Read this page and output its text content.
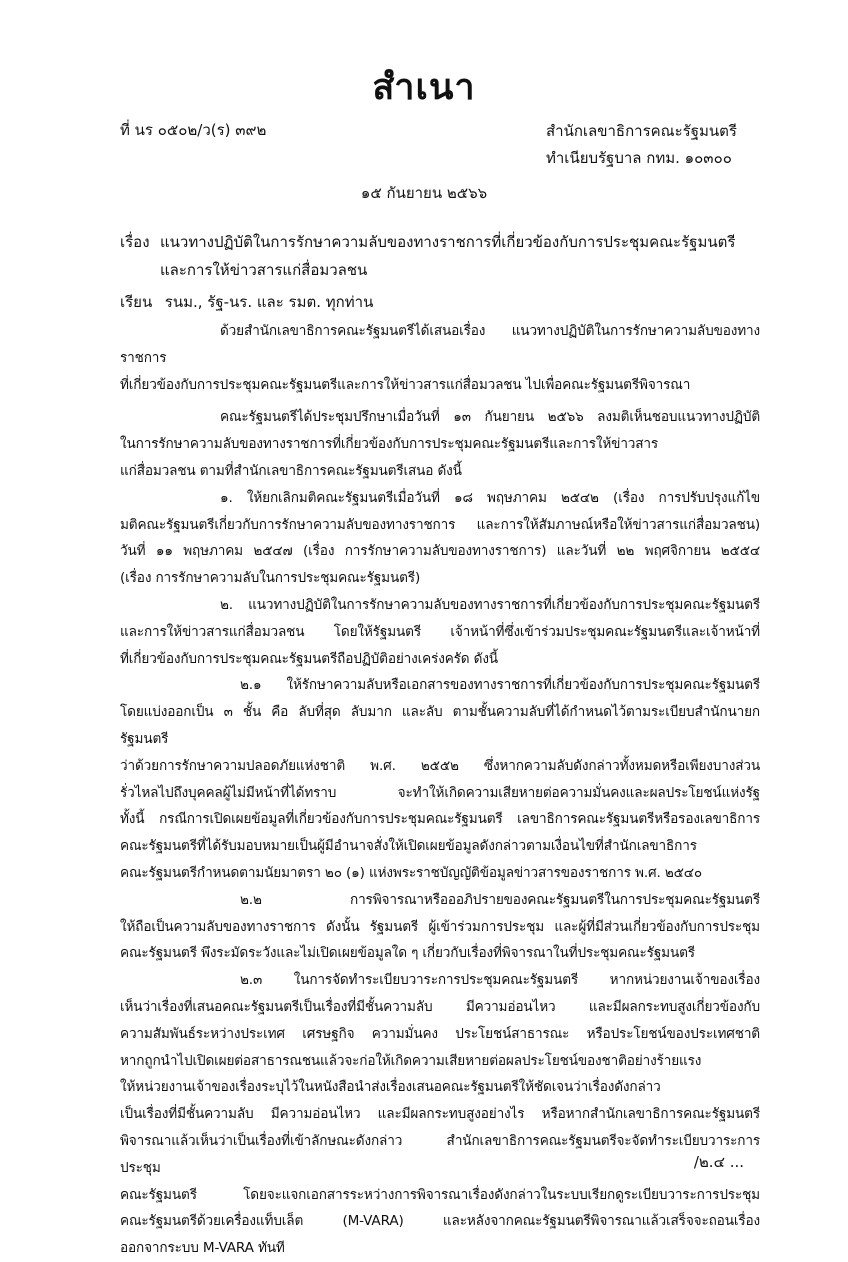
สำเนา
ที่ นร ๐๕๐๒/ว(ร) ๓๙๒	สำนักเลขาธิการคณะรัฐมนตรี
ทำเนียบรัฐบาล กทม. ๑๐๓๐๐
๑๕ กันยายน ๒๕๖๖
เรื่อง แนวทางปฏิบัติในการรักษาความลับของทางราชการที่เกี่ยวข้องกับการประชุมคณะรัฐมนตรี
และการให้ข่าวสารแก่สื่อมวลชน
เรียน รนม., รัฐ-นร. และ รมต. ทุกท่าน

ด้วยสำนักเลขาธิการคณะรัฐมนตรีได้เสนอเรื่อง แนวทางปฏิบัติในการรักษาความลับของทางราชการ

ที่เกี่ยวข้องกับการประชุมคณะรัฐมนตรีและการให้ข่าวสารแก่สื่อมวลชน ไปเพื่อคณะรัฐมนตรีพิจารณา

คณะรัฐมนตรีได้ประชุมปรึกษาเมื่อวันที่ ๑๓ กันยายน ๒๕๖๖ ลงมติเห็นชอบแนวทางปฏิบัติ

ในการรักษาความลับของทางราชการที่เกี่ยวข้องกับการประชุมคณะรัฐมนตรีและการให้ข่าวสาร

แก่สื่อมวลชน ตามที่สำนักเลขาธิการคณะรัฐมนตรีเสนอ ดังนี้

๑. ให้ยกเลิกมติคณะรัฐมนตรีเมื่อวันที่ ๑๘ พฤษภาคม ๒๕๔๒ (เรื่อง การปรับปรุงแก้ไข

มติคณะรัฐมนตรีเกี่ยวกับการรักษาความลับของทางราชการ และการให้สัมภาษณ์หรือให้ข่าวสารแก่สื่อมวลชน)

วันที่ ๑๑ พฤษภาคม ๒๕๔๗ (เรื่อง การรักษาความลับของทางราชการ) และวันที่ ๒๒ พฤศจิกายน ๒๕๕๔

(เรื่อง การรักษาความลับในการประชุมคณะรัฐมนตรี)

๒. แนวทางปฏิบัติในการรักษาความลับของทางราชการที่เกี่ยวข้องกับการประชุมคณะรัฐมนตรี

และการให้ข่าวสารแก่สื่อมวลชน โดยให้รัฐมนตรี เจ้าหน้าที่ซึ่งเข้าร่วมประชุมคณะรัฐมนตรีและเจ้าหน้าที่

ที่เกี่ยวข้องกับการประชุมคณะรัฐมนตรีถือปฏิบัติอย่างเคร่งครัด ดังนี้

๒.๑ ให้รักษาความลับหรือเอกสารของทางราชการที่เกี่ยวข้องกับการประชุมคณะรัฐมนตรี

โดยแบ่งออกเป็น ๓ ชั้น คือ ลับที่สุด ลับมาก และลับ ตามชั้นความลับที่ได้กำหนดไว้ตามระเบียบสำนักนายกรัฐมนตรี

ว่าด้วยการรักษาความปลอดภัยแห่งชาติ พ.ศ. ๒๕๕๒ ซึ่งหากความลับดังกล่าวทั้งหมดหรือเพียงบางส่วน

รั่วไหลไปถึงบุคคลผู้ไม่มีหน้าที่ได้ทราบ จะทำให้เกิดความเสียหายต่อความมั่นคงและผลประโยชน์แห่งรัฐ

ทั้งนี้ กรณีการเปิดเผยข้อมูลที่เกี่ยวข้องกับการประชุมคณะรัฐมนตรี เลขาธิการคณะรัฐมนตรีหรือรองเลขาธิการ

คณะรัฐมนตรีที่ได้รับมอบหมายเป็นผู้มีอำนาจสั่งให้เปิดเผยข้อมูลดังกล่าวตามเงื่อนไขที่สำนักเลขาธิการ

คณะรัฐมนตรีกำหนดตามนัยมาตรา ๒๐ (๑) แห่งพระราชบัญญัติข้อมูลข่าวสารของราชการ พ.ศ. ๒๕๔๐

๒.๒ การพิจารณาหรือออภิปรายของคณะรัฐมนตรีในการประชุมคณะรัฐมนตรี

ให้ถือเป็นความลับของทางราชการ ดังนั้น รัฐมนตรี ผู้เข้าร่วมการประชุม และผู้ที่มีส่วนเกี่ยวข้องกับการประชุม

คณะรัฐมนตรี พึงระมัดระวังและไม่เปิดเผยข้อมูลใด ๆ เกี่ยวกับเรื่องที่พิจารณาในที่ประชุมคณะรัฐมนตรี

๒.๓ ในการจัดทำระเบียบวาระการประชุมคณะรัฐมนตรี หากหน่วยงานเจ้าของเรื่อง

เห็นว่าเรื่องที่เสนอคณะรัฐมนตรีเป็นเรื่องที่มีชั้นความลับ มีความอ่อนไหว และมีผลกระทบสูงเกี่ยวข้องกับ

ความสัมพันธ์ระหว่างประเทศ เศรษฐกิจ ความมั่นคง ประโยชน์สาธารณะ หรือประโยชน์ของประเทศชาติ

หากถูกนำไปเปิดเผยต่อสาธารณชนแล้วจะก่อให้เกิดความเสียหายต่อผลประโยชน์ของชาติอย่างร้ายแรง

ให้หน่วยงานเจ้าของเรื่องระบุไว้ในหนังสือนำส่งเรื่องเสนอคณะรัฐมนตรีให้ชัดเจนว่าเรื่องดังกล่าว

เป็นเรื่องที่มีชั้นความลับ มีความอ่อนไหว และมีผลกระทบสูงอย่างไร หรือหากสำนักเลขาธิการคณะรัฐมนตรี

พิจารณาแล้วเห็นว่าเป็นเรื่องที่เข้าลักษณะดังกล่าว สำนักเลขาธิการคณะรัฐมนตรีจะจัดทำระเบียบวาระการประชุม

คณะรัฐมนตรี โดยจะแจกเอกสารระหว่างการพิจารณาเรื่องดังกล่าวในระบบเรียกดูระเบียบวาระการประชุม

คณะรัฐมนตรีด้วยเครื่องแท็บเล็ต (M-VARA) และหลังจากคณะรัฐมนตรีพิจารณาแล้วเสร็จจะถอนเรื่อง

ออกจากระบบ M-VARA ทันที

/๒.๔ ...
